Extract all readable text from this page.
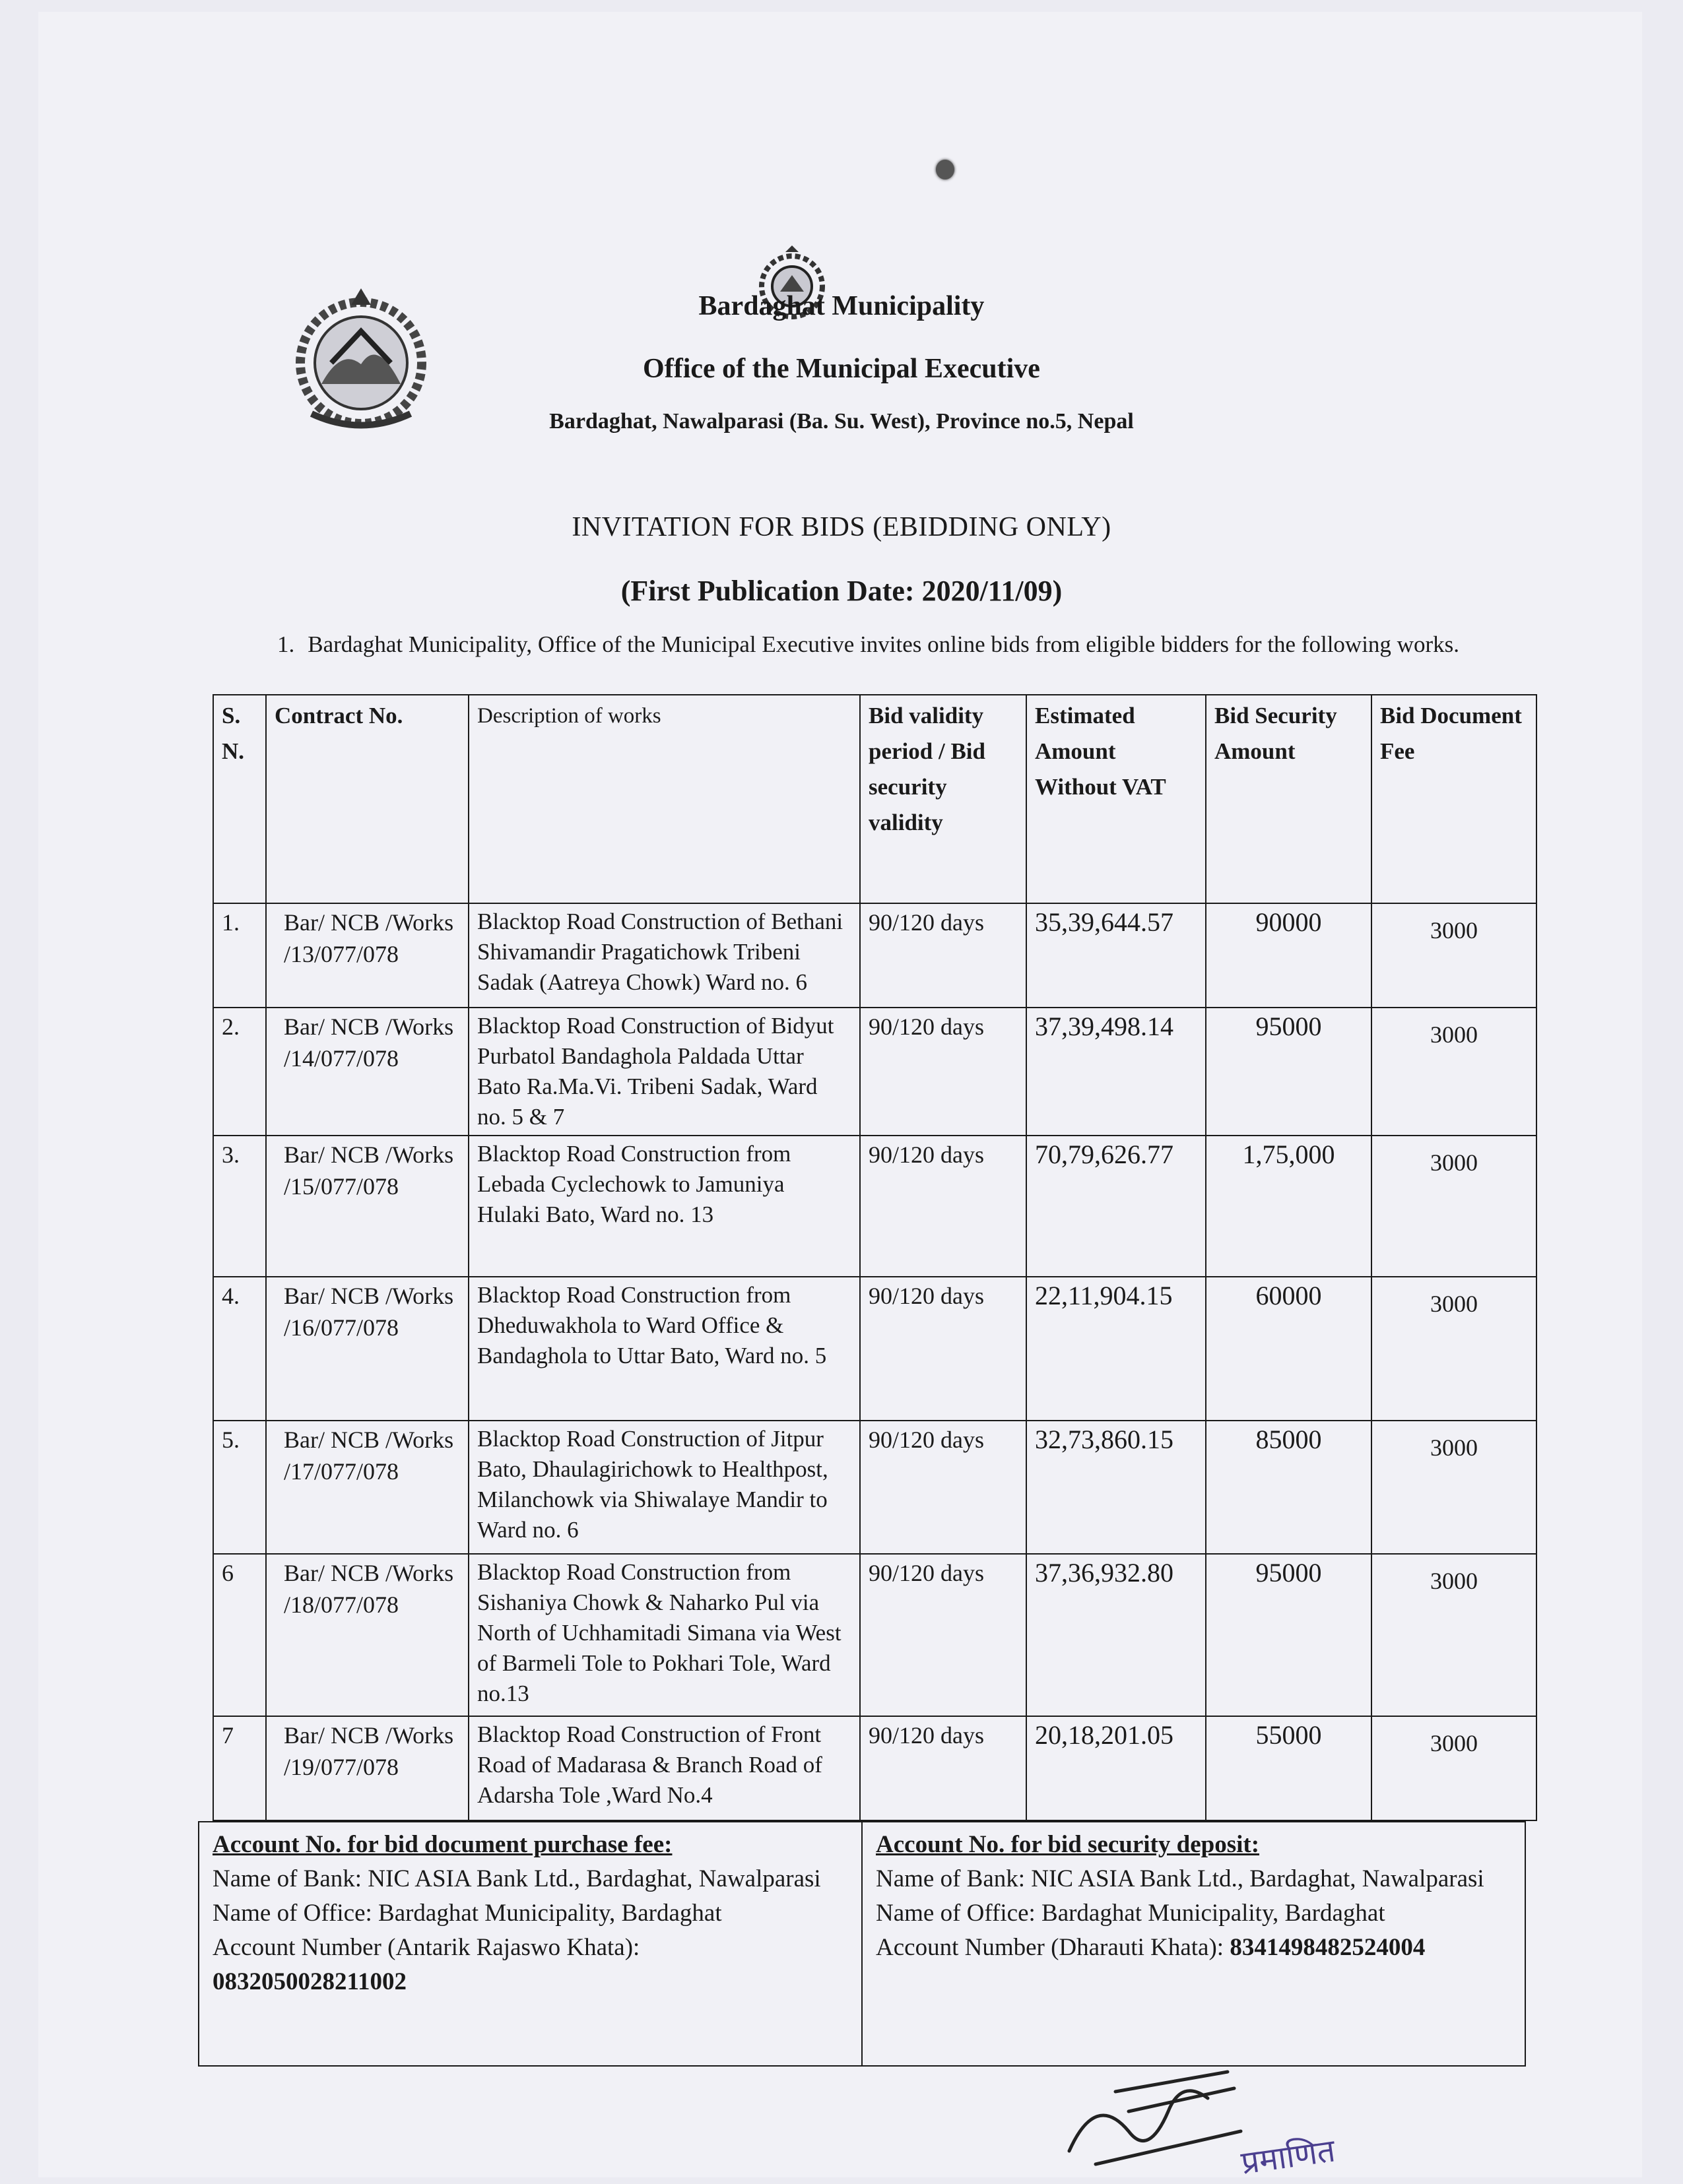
Bardaghat Municipality
Office of the Municipal Executive
Bardaghat, Nawalparasi (Ba. Su. West), Province no.5, Nepal
INVITATION FOR BIDS (EBIDDING ONLY)
(First Publication Date: 2020/11/09)
1. Bardaghat Municipality, Office of the Municipal Executive invites online bids from eligible bidders for the following works.
S. N.	Contract No.	Description of works	Bid validity period / Bid security validity	Estimated Amount Without VAT	Bid Security Amount	Bid Document Fee
1.	Bar/ NCB /Works /13/077/078	Blacktop Road Construction of Bethani Shivamandir Pragatichowk Tribeni Sadak (Aatreya Chowk) Ward no. 6	90/120 days	35,39,644.57	90000	3000
2.	Bar/ NCB /Works /14/077/078	Blacktop Road Construction of Bidyut Purbatol Bandaghola Paldada Uttar Bato Ra.Ma.Vi. Tribeni Sadak, Ward no. 5 & 7	90/120 days	37,39,498.14	95000	3000
3.	Bar/ NCB /Works /15/077/078	Blacktop Road Construction from Lebada Cyclechowk to Jamuniya Hulaki Bato, Ward no. 13	90/120 days	70,79,626.77	1,75,000	3000
4.	Bar/ NCB /Works /16/077/078	Blacktop Road Construction from Dheduwakhola to Ward Office & Bandaghola to Uttar Bato, Ward no. 5	90/120 days	22,11,904.15	60000	3000
5.	Bar/ NCB /Works /17/077/078	Blacktop Road Construction of Jitpur Bato, Dhaulagirichowk to Healthpost, Milanchowk via Shiwalaye Mandir to Ward no. 6	90/120 days	32,73,860.15	85000	3000
6	Bar/ NCB /Works /18/077/078	Blacktop Road Construction from Sishaniya Chowk & Naharko Pul via North of Uchhamitadi Simana via West of Barmeli Tole to Pokhari Tole, Ward no.13	90/120 days	37,36,932.80	95000	3000
7	Bar/ NCB /Works /19/077/078	Blacktop Road Construction of Front Road of Madarasa & Branch Road of Adarsha Tole ,Ward No.4	90/120 days	20,18,201.05	55000	3000
Account No. for bid document purchase fee:
Name of Bank: NIC ASIA Bank Ltd., Bardaghat, Nawalparasi
Name of Office: Bardaghat Municipality, Bardaghat
Account Number (Antarik Rajaswo Khata):
0832050028211002

Account No. for bid security deposit:
Name of Bank: NIC ASIA Bank Ltd., Bardaghat, Nawalparasi
Name of Office: Bardaghat Municipality, Bardaghat
Account Number (Dharauti Khata): 8341498482524004
प्रमाणित
